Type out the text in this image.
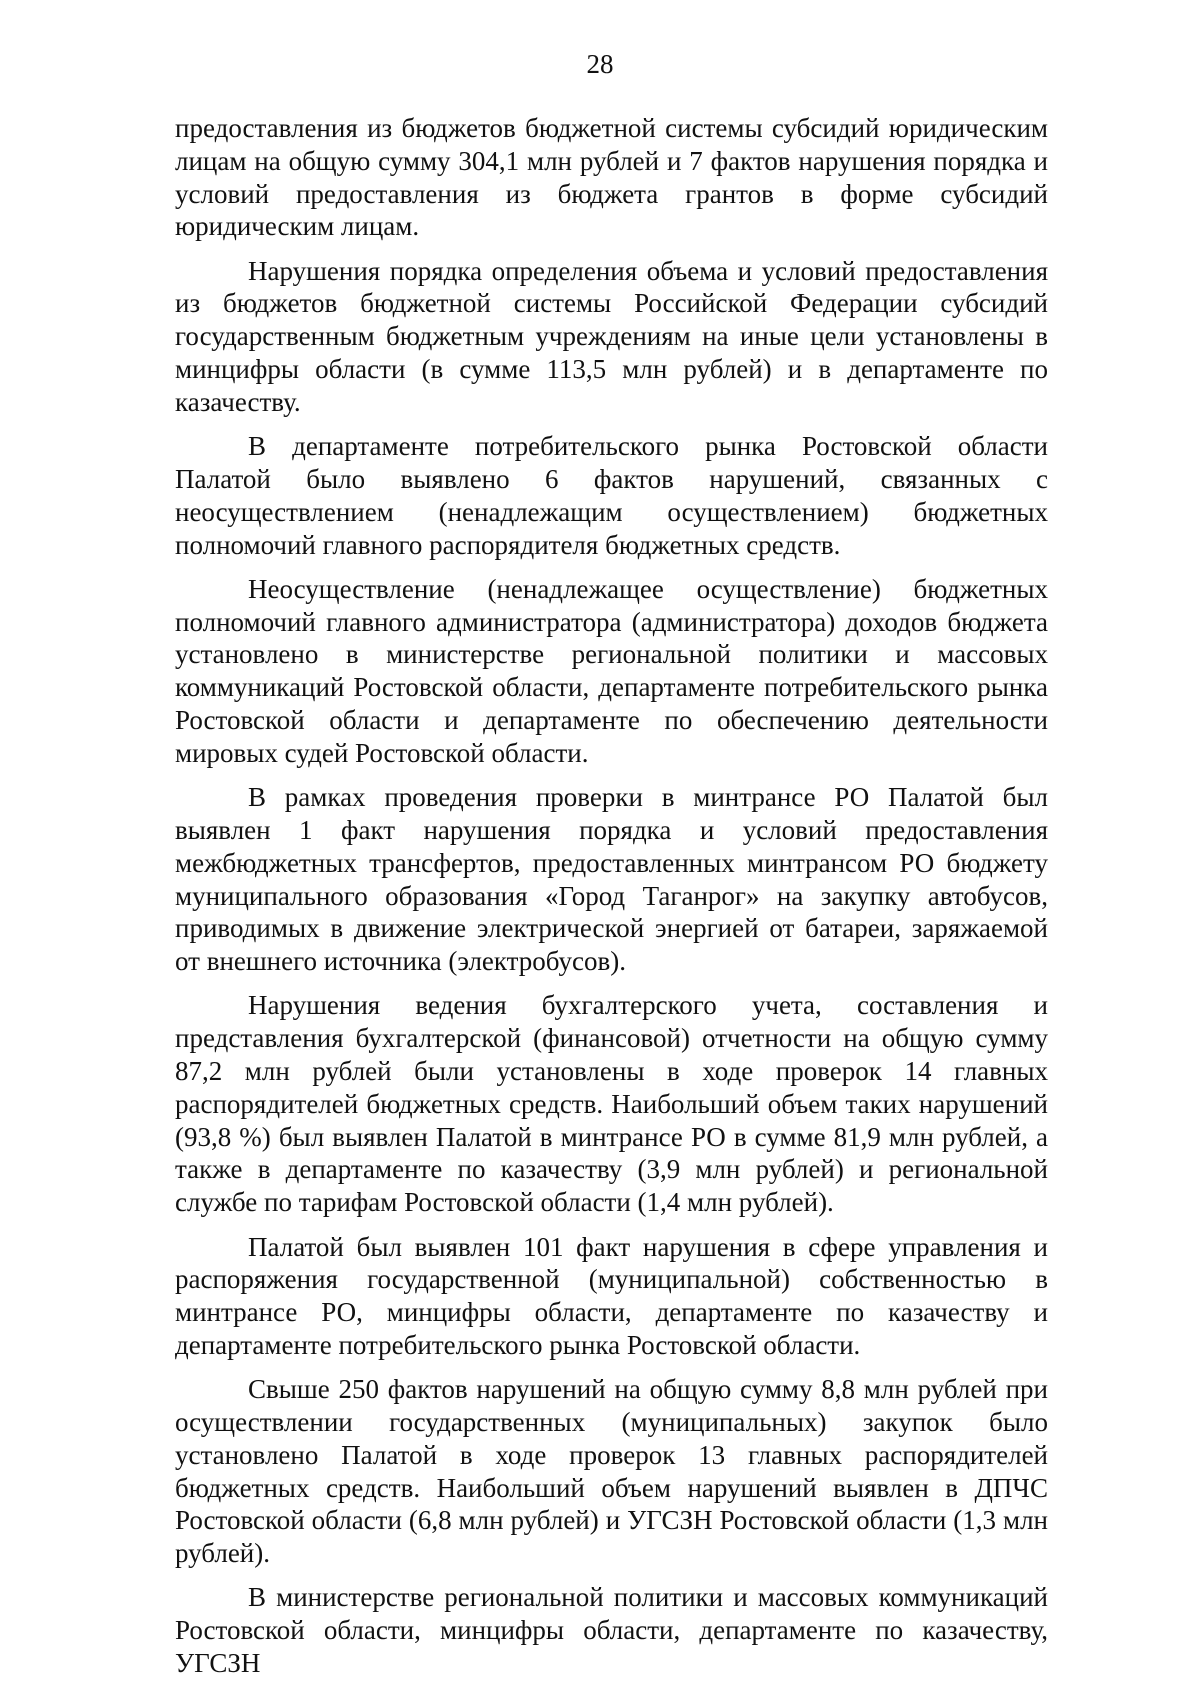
28

предоставления из бюджетов бюджетной системы субсидий юридическим лицам на общую сумму 304,1 млн рублей и 7 фактов нарушения порядка и условий предоставления из бюджета грантов в форме субсидий юридическим лицам.

Нарушения порядка определения объема и условий предоставления из бюджетов бюджетной системы Российской Федерации субсидий государственным бюджетным учреждениям на иные цели установлены в минцифры области (в сумме 113,5 млн рублей) и в департаменте по казачеству.

В департаменте потребительского рынка Ростовской области Палатой было выявлено 6 фактов нарушений, связанных с неосуществлением (ненадлежащим осуществлением) бюджетных полномочий главного распорядителя бюджетных средств.

Неосуществление (ненадлежащее осуществление) бюджетных полномочий главного администратора (администратора) доходов бюджета установлено в министерстве региональной политики и массовых коммуникаций Ростовской области, департаменте потребительского рынка Ростовской области и департаменте по обеспечению деятельности мировых судей Ростовской области.

В рамках проведения проверки в минтрансе РО Палатой был выявлен 1 факт нарушения порядка и условий предоставления межбюджетных трансфертов, предоставленных минтрансом РО бюджету муниципального образования «Город Таганрог» на закупку автобусов, приводимых в движение электрической энергией от батареи, заряжаемой от внешнего источника (электробусов).

Нарушения ведения бухгалтерского учета, составления и представления бухгалтерской (финансовой) отчетности на общую сумму 87,2 млн рублей были установлены в ходе проверок 14 главных распорядителей бюджетных средств. Наибольший объем таких нарушений (93,8 %) был выявлен Палатой в минтрансе РО в сумме 81,9 млн рублей, а также в департаменте по казачеству (3,9 млн рублей) и региональной службе по тарифам Ростовской области (1,4 млн рублей).

Палатой был выявлен 101 факт нарушения в сфере управления и распоряжения государственной (муниципальной) собственностью в минтрансе РО, минцифры области, департаменте по казачеству и департаменте потребительского рынка Ростовской области.

Свыше 250 фактов нарушений на общую сумму 8,8 млн рублей при осуществлении государственных (муниципальных) закупок было установлено Палатой в ходе проверок 13 главных распорядителей бюджетных средств. Наибольший объем нарушений выявлен в ДПЧС Ростовской области (6,8 млн рублей) и УГСЗН Ростовской области (1,3 млн рублей).

В министерстве региональной политики и массовых коммуникаций Ростовской области, минцифры области, департаменте по казачеству, УГСЗН
